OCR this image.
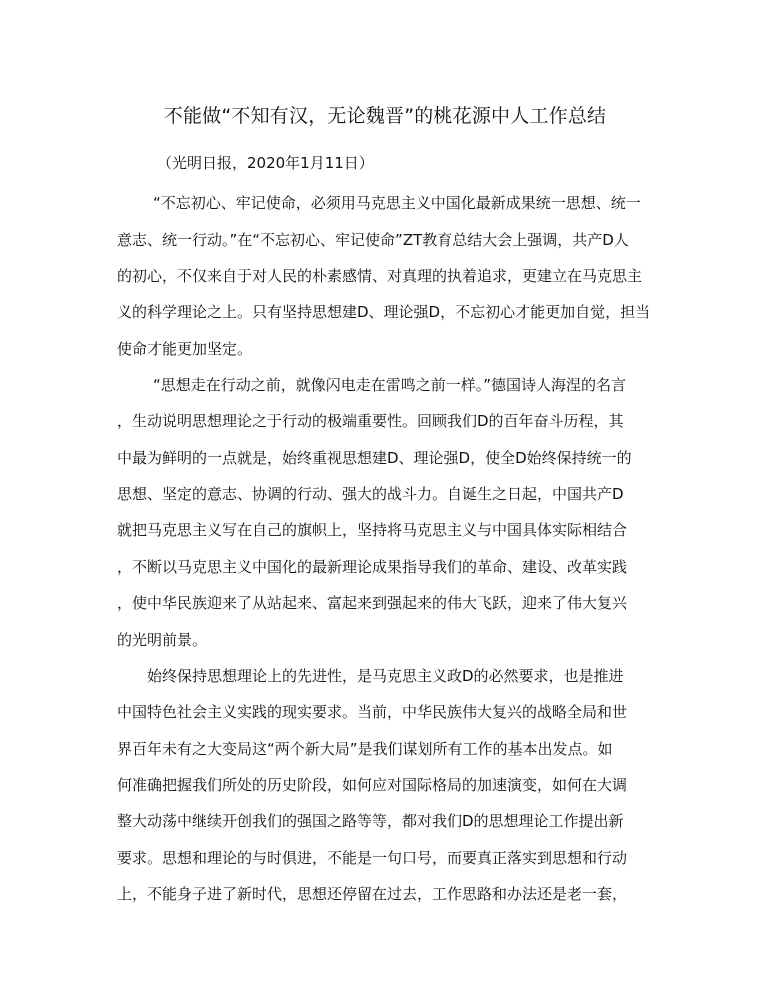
不能做“不知有汉，无论魏晋”的桃花源中人工作总结
（光明日报，2020年1月11日）
“不忘初心、牢记使命，必须用马克思主义中国化最新成果统一思想、统一
意志、统一行动。”在“不忘初心、牢记使命”ZT教育总结大会上强调，共产D人
的初心，不仅来自于对人民的朴素感情、对真理的执着追求，更建立在马克思主
义的科学理论之上。只有坚持思想建D、理论强D，不忘初心才能更加自觉，担当
使命才能更加坚定。
“思想走在行动之前，就像闪电走在雷鸣之前一样。”德国诗人海涅的名言
，生动说明思想理论之于行动的极端重要性。回顾我们D的百年奋斗历程，其
中最为鲜明的一点就是，始终重视思想建D、理论强D，使全D始终保持统一的
思想、坚定的意志、协调的行动、强大的战斗力。自诞生之日起，中国共产D
就把马克思主义写在自己的旗帜上，坚持将马克思主义与中国具体实际相结合
，不断以马克思主义中国化的最新理论成果指导我们的革命、建设、改革实践
，使中华民族迎来了从站起来、富起来到强起来的伟大飞跃，迎来了伟大复兴
的光明前景。
始终保持思想理论上的先进性，是马克思主义政D的必然要求，也是推进
中国特色社会主义实践的现实要求。当前，中华民族伟大复兴的战略全局和世
界百年未有之大变局这“两个新大局”是我们谋划所有工作的基本出发点。如
何准确把握我们所处的历史阶段，如何应对国际格局的加速演变，如何在大调
整大动荡中继续开创我们的强国之路等等，都对我们D的思想理论工作提出新
要求。思想和理论的与时俱进，不能是一句口号，而要真正落实到思想和行动
上，不能身子进了新时代，思想还停留在过去，工作思路和办法还是老一套，
